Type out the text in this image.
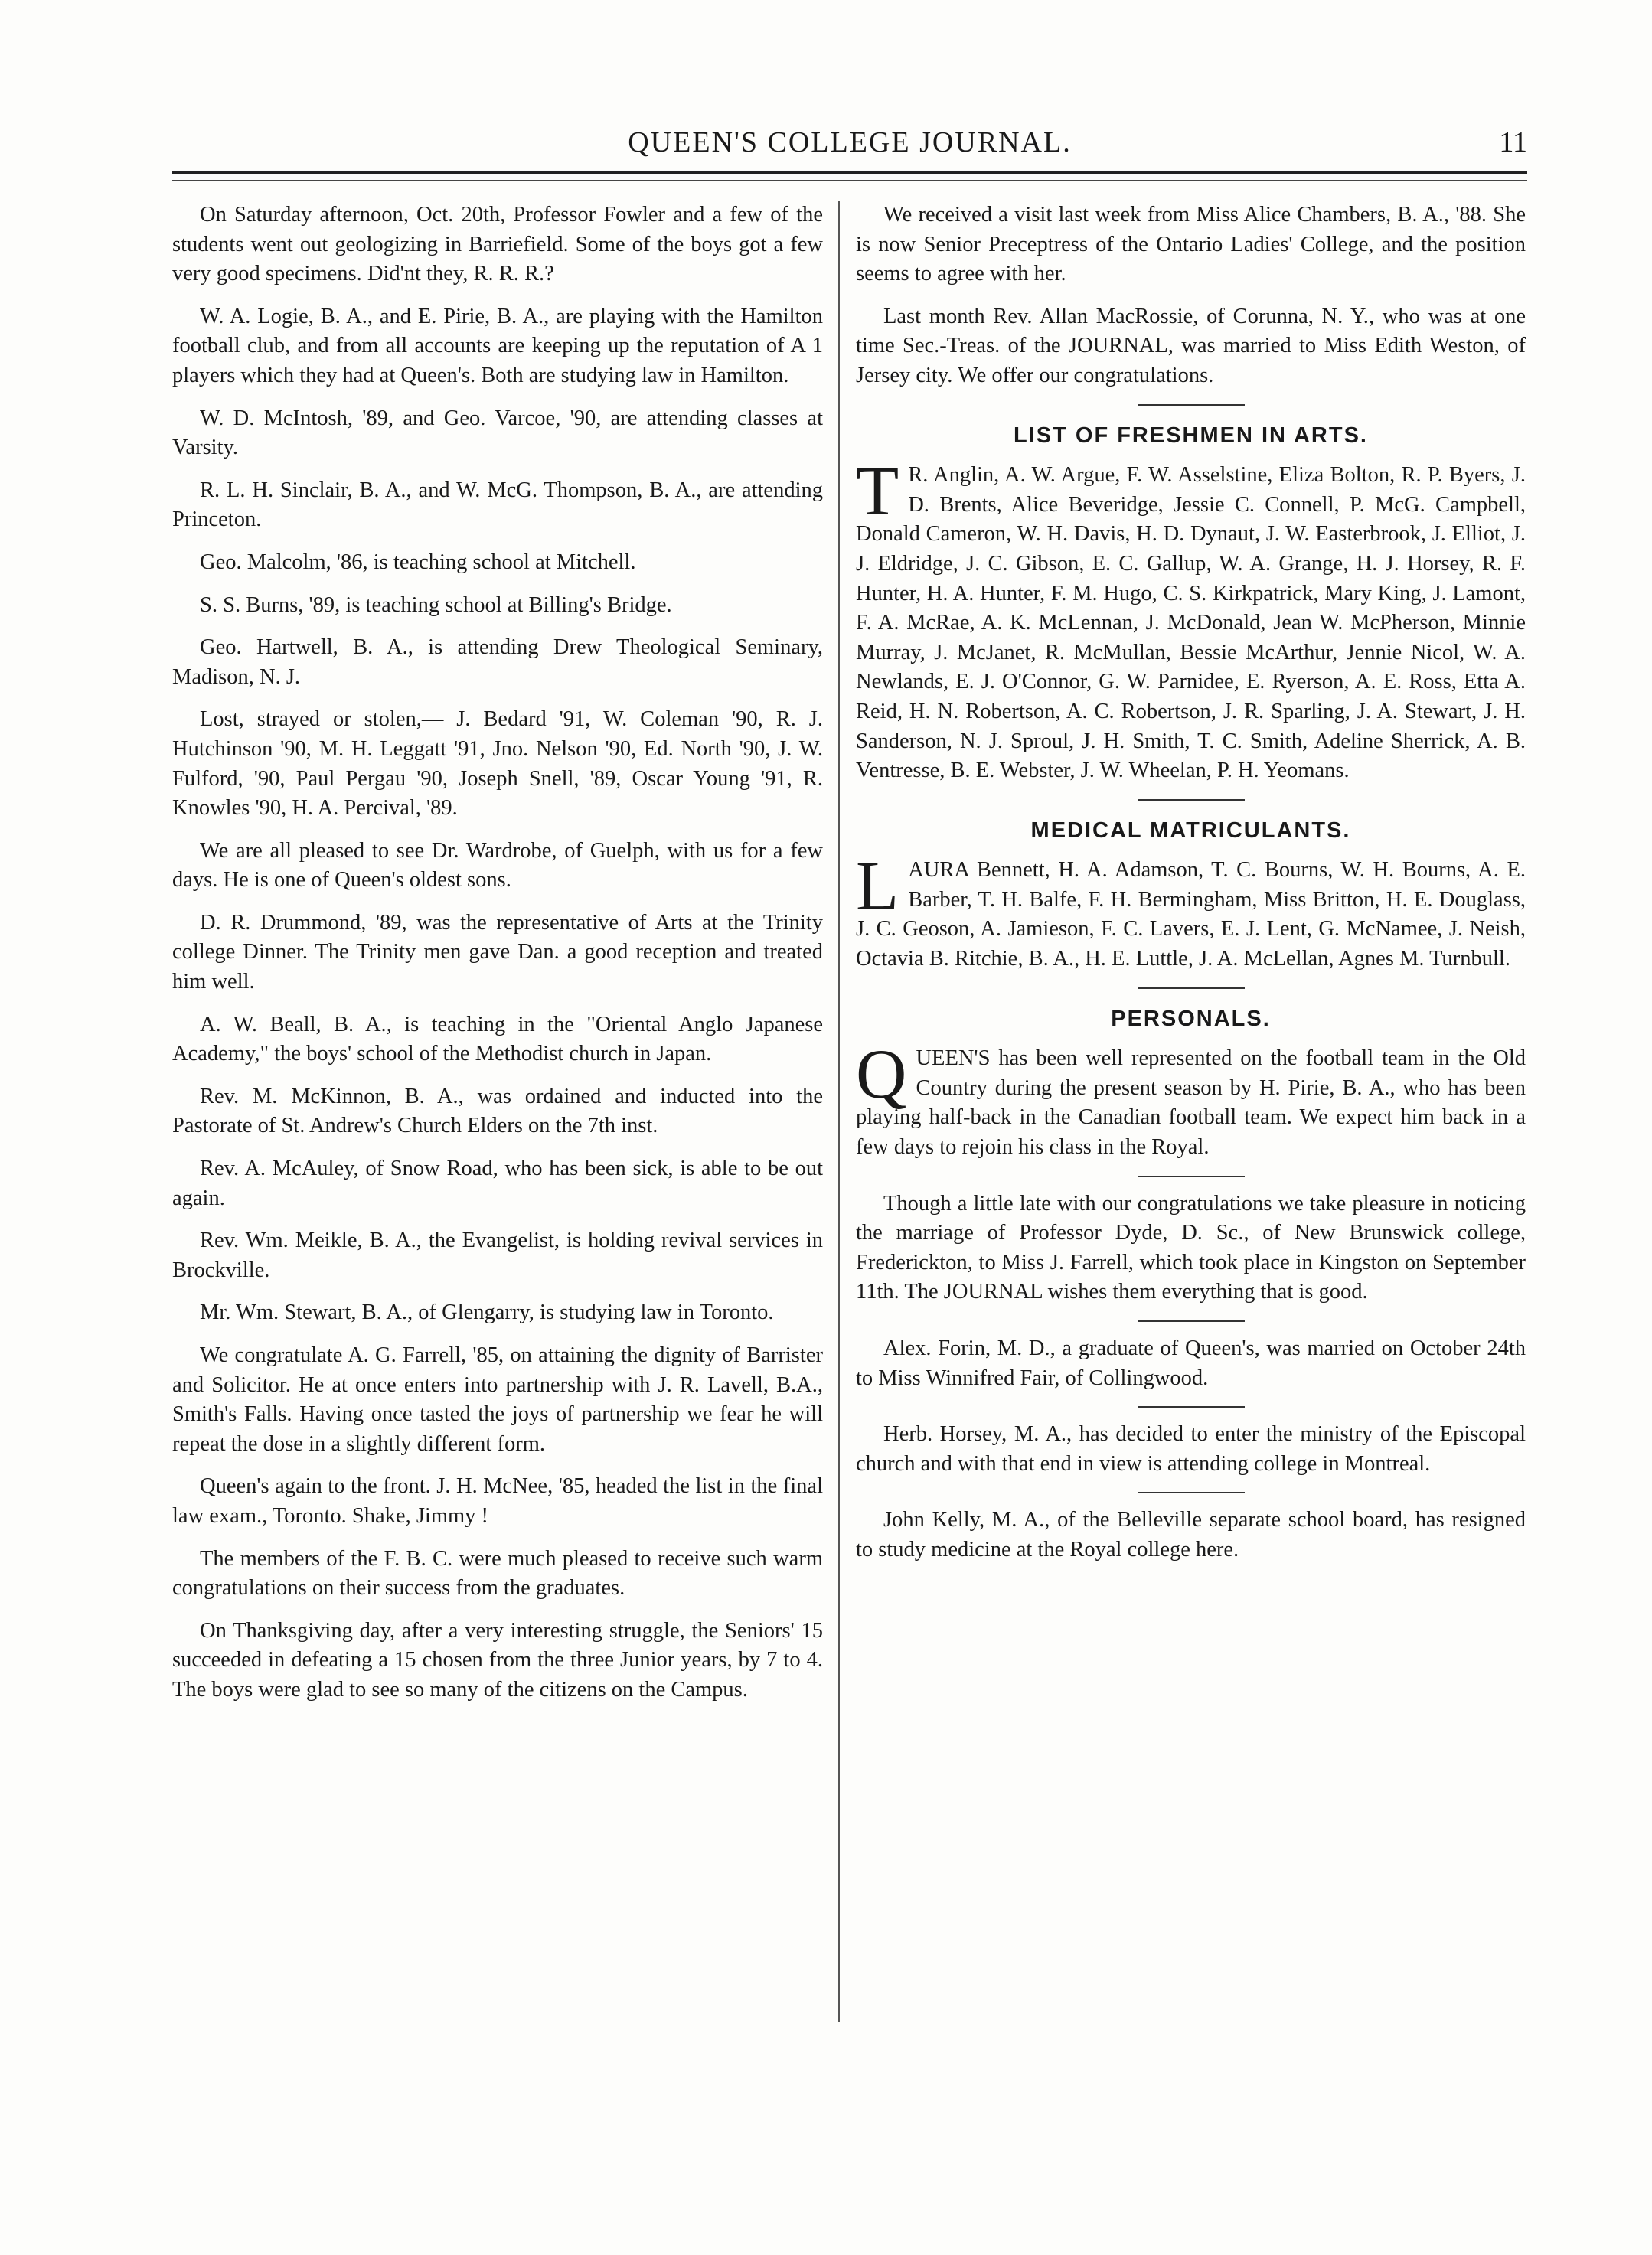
QUEEN'S COLLEGE JOURNAL.	11

On Saturday afternoon, Oct. 20th, Professor Fowler and a few of the students went out geologizing in Barriefield. Some of the boys got a few very good specimens. Did'nt they, R. R. R.?

W. A. Logie, B. A., and E. Pirie, B. A., are playing with the Hamilton football club, and from all accounts are keeping up the reputation of A 1 players which they had at Queen's. Both are studying law in Hamilton.

W. D. McIntosh, '89, and Geo. Varcoe, '90, are attending classes at Varsity.

R. L. H. Sinclair, B. A., and W. McG. Thompson, B. A., are attending Princeton.

Geo. Malcolm, '86, is teaching school at Mitchell.

S. S. Burns, '89, is teaching school at Billing's Bridge.

Geo. Hartwell, B. A., is attending Drew Theological Seminary, Madison, N. J.

Lost, strayed or stolen,— J. Bedard '91, W. Coleman '90, R. J. Hutchinson '90, M. H. Leggatt '91, Jno. Nelson '90, Ed. North '90, J. W. Fulford, '90, Paul Pergau '90, Joseph Snell, '89, Oscar Young '91, R. Knowles '90, H. A. Percival, '89.

We are all pleased to see Dr. Wardrobe, of Guelph, with us for a few days. He is one of Queen's oldest sons.

D. R. Drummond, '89, was the representative of Arts at the Trinity college Dinner. The Trinity men gave Dan. a good reception and treated him well.

A. W. Beall, B. A., is teaching in the "Oriental Anglo Japanese Academy," the boys' school of the Methodist church in Japan.

Rev. M. McKinnon, B. A., was ordained and inducted into the Pastorate of St. Andrew's Church Elders on the 7th inst.

Rev. A. McAuley, of Snow Road, who has been sick, is able to be out again.

Rev. Wm. Meikle, B. A., the Evangelist, is holding revival services in Brockville.

Mr. Wm. Stewart, B. A., of Glengarry, is studying law in Toronto.

We congratulate A. G. Farrell, '85, on attaining the dignity of Barrister and Solicitor. He at once enters into partnership with J. R. Lavell, B.A., Smith's Falls. Having once tasted the joys of partnership we fear he will repeat the dose in a slightly different form.

Queen's again to the front. J. H. McNee, '85, headed the list in the final law exam., Toronto. Shake, Jimmy !

The members of the F. B. C. were much pleased to receive such warm congratulations on their success from the graduates.

On Thanksgiving day, after a very interesting struggle, the Seniors' 15 succeeded in defeating a 15 chosen from the three Junior years, by 7 to 4. The boys were glad to see so many of the citizens on the Campus.

We received a visit last week from Miss Alice Chambers, B. A., '88. She is now Senior Preceptress of the Ontario Ladies' College, and the position seems to agree with her.

Last month Rev. Allan MacRossie, of Corunna, N. Y., who was at one time Sec.-Treas. of the JOURNAL, was married to Miss Edith Weston, of Jersey city. We offer our congratulations.

LIST OF FRESHMEN IN ARTS.

T R. Anglin, A. W. Argue, F. W. Asselstine, Eliza Bolton, R. P. Byers, J. D. Brents, Alice Beveridge, Jessie C. Connell, P. McG. Campbell, Donald Cameron, W. H. Davis, H. D. Dynaut, J. W. Easterbrook, J. Elliot, J. J. Eldridge, J. C. Gibson, E. C. Gallup, W. A. Grange, H. J. Horsey, R. F. Hunter, H. A. Hunter, F. M. Hugo, C. S. Kirkpatrick, Mary King, J. Lamont, F. A. McRae, A. K. McLennan, J. McDonald, Jean W. McPherson, Minnie Murray, J. McJanet, R. McMullan, Bessie McArthur, Jennie Nicol, W. A. Newlands, E. J. O'Connor, G. W. Parnidee, E. Ryerson, A. E. Ross, Etta A. Reid, H. N. Robertson, A. C. Robertson, J. R. Sparling, J. A. Stewart, J. H. Sanderson, N. J. Sproul, J. H. Smith, T. C. Smith, Adeline Sherrick, A. B. Ventresse, B. E. Webster, J. W. Wheelan, P. H. Yeomans.

MEDICAL MATRICULANTS.

LAURA Bennett, H. A. Adamson, T. C. Bourns, W. H. Bourns, A. E. Barber, T. H. Balfe, F. H. Bermingham, Miss Britton, H. E. Douglass, J. C. Geoson, A. Jamieson, F. C. Lavers, E. J. Lent, G. McNamee, J. Neish, Octavia B. Ritchie, B. A., H. E. Luttle, J. A. McLellan, Agnes M. Turnbull.

PERSONALS.

QUEEN'S has been well represented on the football team in the Old Country during the present season by H. Pirie, B. A., who has been playing half-back in the Canadian football team. We expect him back in a few days to rejoin his class in the Royal.

Though a little late with our congratulations we take pleasure in noticing the marriage of Professor Dyde, D. Sc., of New Brunswick college, Frederickton, to Miss J. Farrell, which took place in Kingston on September 11th. The JOURNAL wishes them everything that is good.

Alex. Forin, M. D., a graduate of Queen's, was married on October 24th to Miss Winnifred Fair, of Collingwood.

Herb. Horsey, M. A., has decided to enter the ministry of the Episcopal church and with that end in view is attending college in Montreal.

John Kelly, M. A., of the Belleville separate school board, has resigned to study medicine at the Royal college here.
